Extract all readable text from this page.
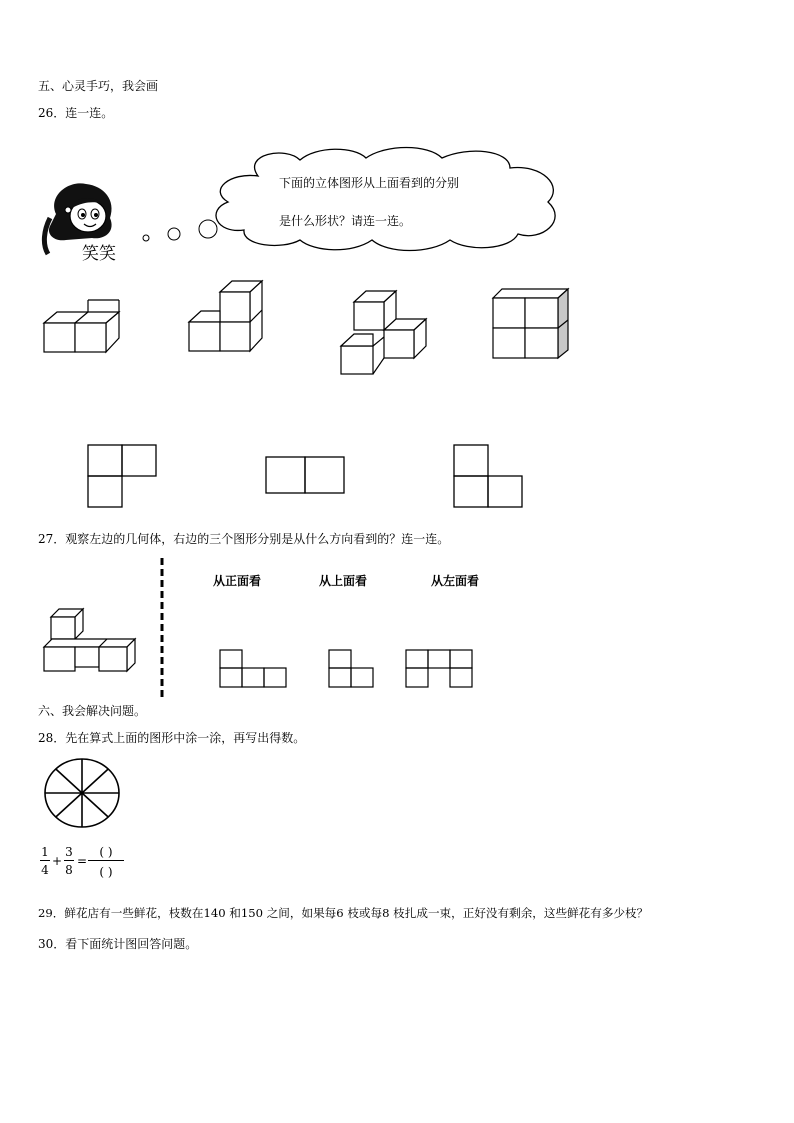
五、心灵手巧，我会画
26．连一连。
笑笑
下面的立体图形从上面看到的分别
是什么形状？请连一连。
27．观察左边的几何体，右边的三个图形分别是从什么方向看到的？连一连。
从正面看	从上面看	从左面看
六、我会解决问题。
28．先在算式上面的图形中涂一涂，再写出得数。
1
4
+
3
8
=
( )
( )
29．鲜花店有一些鲜花，枝数在140 和150 之间，如果每6 枝或每8 枝扎成一束，正好没有剩余，这些鲜花有多少枝？
30．看下面统计图回答问题。
